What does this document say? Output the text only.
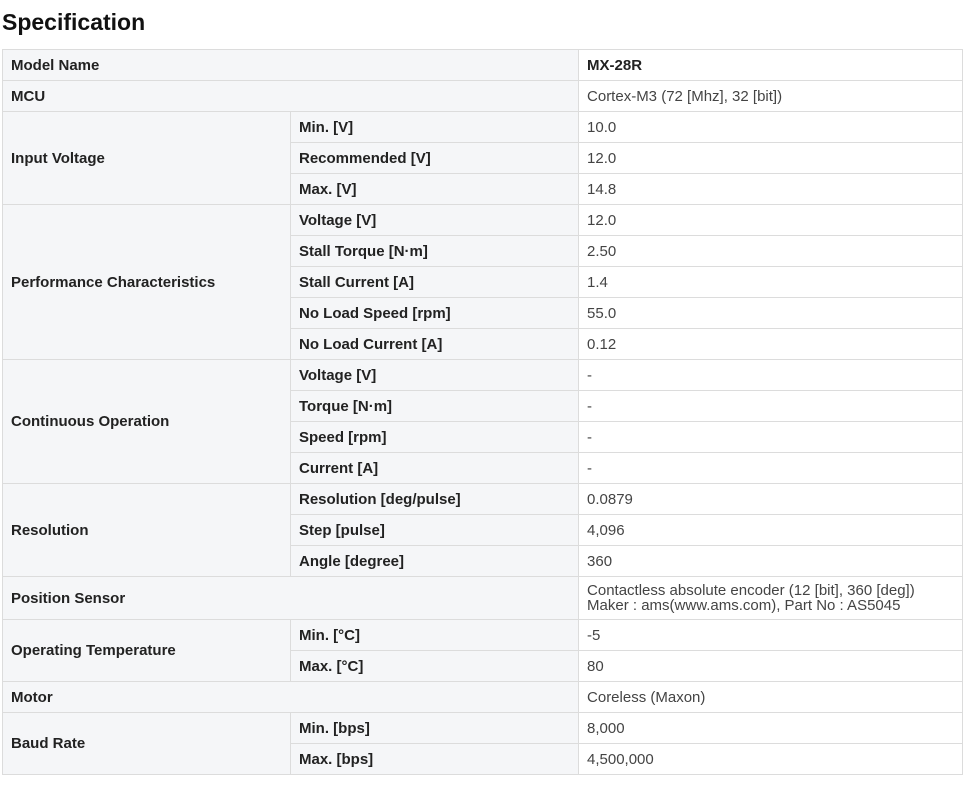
Specification
Model Name		MX-28R
MCU		Cortex-M3 (72 [Mhz], 32 [bit])
Input Voltage	Min. [V]	10.0
	Recommended [V]	12.0
	Max. [V]	14.8
Performance Characteristics	Voltage [V]	12.0
	Stall Torque [N·m]	2.50
	Stall Current [A]	1.4
	No Load Speed [rpm]	55.0
	No Load Current [A]	0.12
Continuous Operation	Voltage [V]	-
	Torque [N·m]	-
	Speed [rpm]	-
	Current [A]	-
Resolution	Resolution [deg/pulse]	0.0879
	Step [pulse]	4,096
	Angle [degree]	360
Position Sensor		Contactless absolute encoder (12 [bit], 360 [deg])
Maker : ams(www.ams.com), Part No : AS5045

Operating Temperature	Min. [°C]	-5
	Max. [°C]	80
Motor		Coreless (Maxon)
Baud Rate	Min. [bps]	8,000
	Max. [bps]	4,500,000
